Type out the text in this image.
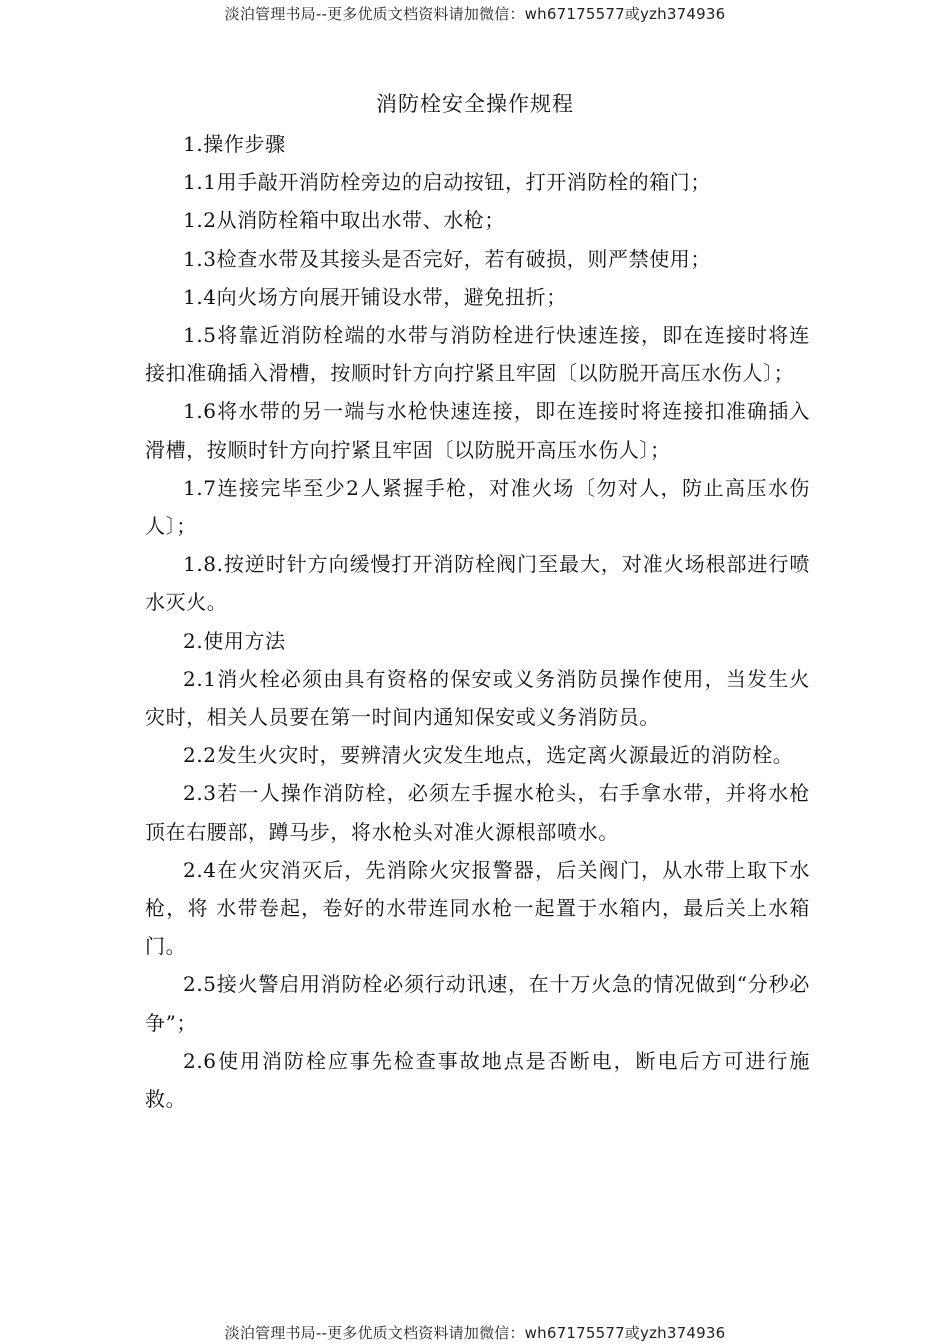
淡泊管理书局--更多优质文档资料请加微信：wh67175577或yzh374936
消防栓安全操作规程

1.操作步骤

1.1用手敲开消防栓旁边的启动按钮，打开消防栓的箱门；

1.2从消防栓箱中取出水带、水枪；

1.3检查水带及其接头是否完好，若有破损，则严禁使用；

1.4向火场方向展开铺设水带，避免扭折；

1.5将靠近消防栓端的水带与消防栓进行快速连接，即在连接时将连接扣准确插入滑槽，按顺时针方向拧紧且牢固〔以防脱开高压水伤人〕；

1.6将水带的另一端与水枪快速连接，即在连接时将连接扣准确插入滑槽，按顺时针方向拧紧且牢固〔以防脱开高压水伤人〕；

1.7连接完毕至少2人紧握手枪，对准火场〔勿对人，防止高压水伤人〕；

1.8.按逆时针方向缓慢打开消防栓阀门至最大，对准火场根部进行喷水灭火。

2.使用方法

2.1消火栓必须由具有资格的保安或义务消防员操作使用，当发生火灾时，相关人员要在第一时间内通知保安或义务消防员。

2.2发生火灾时，要辨清火灾发生地点，选定离火源最近的消防栓。

2.3若一人操作消防栓，必须左手握水枪头，右手拿水带，并将水枪顶在右腰部，蹲马步，将水枪头对准火源根部喷水。

2.4在火灾消灭后，先消除火灾报警器，后关阀门，从水带上取下水枪，将 水带卷起，卷好的水带连同水枪一起置于水箱内，最后关上水箱门。

2.5接火警启用消防栓必须行动讯速，在十万火急的情况做到“分秒必争”；

2.6使用消防栓应事先检查事故地点是否断电，断电后方可进行施救。

淡泊管理书局--更多优质文档资料请加微信：wh67175577或yzh374936
